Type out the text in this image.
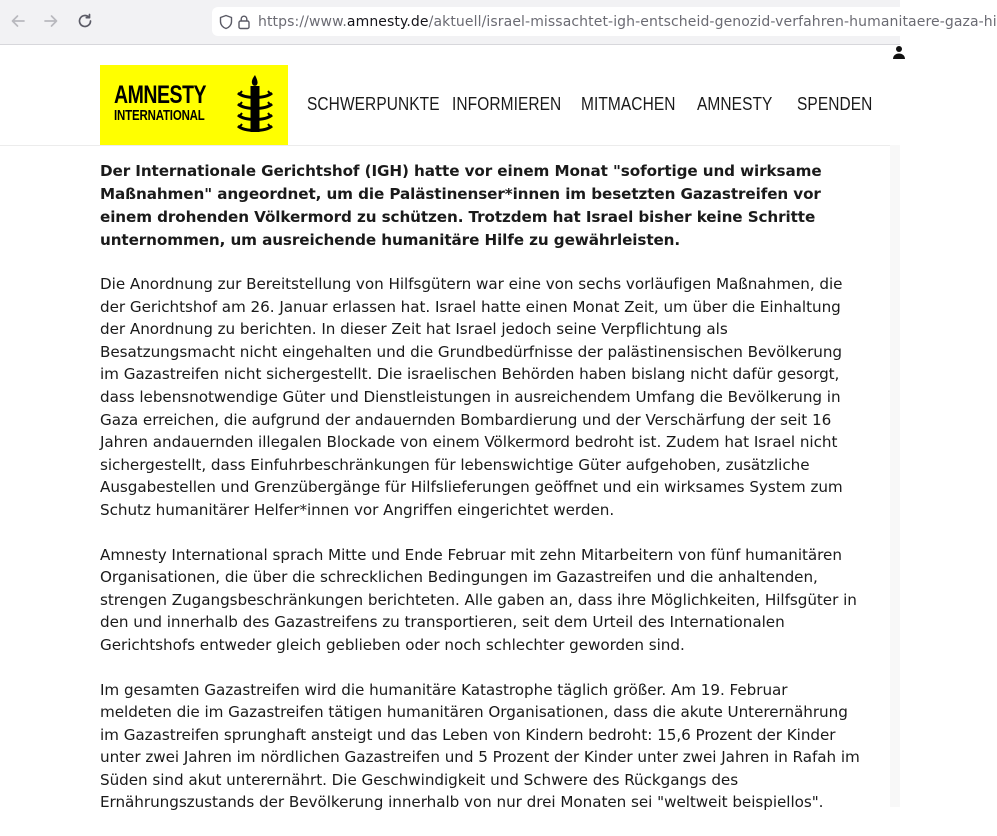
https://www.amnesty.de/aktuell/israel-missachtet-igh-entscheid-genozid-verfahren-humanitaere-gaza-hi
AMNESTY
INTERNATIONAL
SCHWERPUNKTE INFORMIEREN MITMACHEN AMNESTY SPENDEN

Der Internationale Gerichtshof (IGH) hatte vor einem Monat "sofortige und wirksame Maßnahmen" angeordnet, um die Palästinenser*innen im besetzten Gazastreifen vor einem drohenden Völkermord zu schützen. Trotzdem hat Israel bisher keine Schritte unternommen, um ausreichende humanitäre Hilfe zu gewährleisten.

Die Anordnung zur Bereitstellung von Hilfsgütern war eine von sechs vorläufigen Maßnahmen, die der Gerichtshof am 26. Januar erlassen hat. Israel hatte einen Monat Zeit, um über die Einhaltung der Anordnung zu berichten. In dieser Zeit hat Israel jedoch seine Verpflichtung als Besatzungsmacht nicht eingehalten und die Grundbedürfnisse der palästinensischen Bevölkerung im Gazastreifen nicht sichergestellt. Die israelischen Behörden haben bislang nicht dafür gesorgt, dass lebensnotwendige Güter und Dienstleistungen in ausreichendem Umfang die Bevölkerung in Gaza erreichen, die aufgrund der andauernden Bombardierung und der Verschärfung der seit 16 Jahren andauernden illegalen Blockade von einem Völkermord bedroht ist. Zudem hat Israel nicht sichergestellt, dass Einfuhrbeschränkungen für lebenswichtige Güter aufgehoben, zusätzliche Ausgabestellen und Grenzübergänge für Hilfslieferungen geöffnet und ein wirksames System zum Schutz humanitärer Helfer*innen vor Angriffen eingerichtet werden.

Amnesty International sprach Mitte und Ende Februar mit zehn Mitarbeitern von fünf humanitären Organisationen, die über die schrecklichen Bedingungen im Gazastreifen und die anhaltenden, strengen Zugangsbeschränkungen berichteten. Alle gaben an, dass ihre Möglichkeiten, Hilfsgüter in den und innerhalb des Gazastreifens zu transportieren, seit dem Urteil des Internationalen Gerichtshofs entweder gleich geblieben oder noch schlechter geworden sind.

Im gesamten Gazastreifen wird die humanitäre Katastrophe täglich größer. Am 19. Februar meldeten die im Gazastreifen tätigen humanitären Organisationen, dass die akute Unterernährung im Gazastreifen sprunghaft ansteigt und das Leben von Kindern bedroht: 15,6 Prozent der Kinder unter zwei Jahren im nördlichen Gazastreifen und 5 Prozent der Kinder unter zwei Jahren in Rafah im Süden sind akut unterernährt. Die Geschwindigkeit und Schwere des Rückgangs des Ernährungszustands der Bevölkerung innerhalb von nur drei Monaten sei "weltweit beispiellos".
